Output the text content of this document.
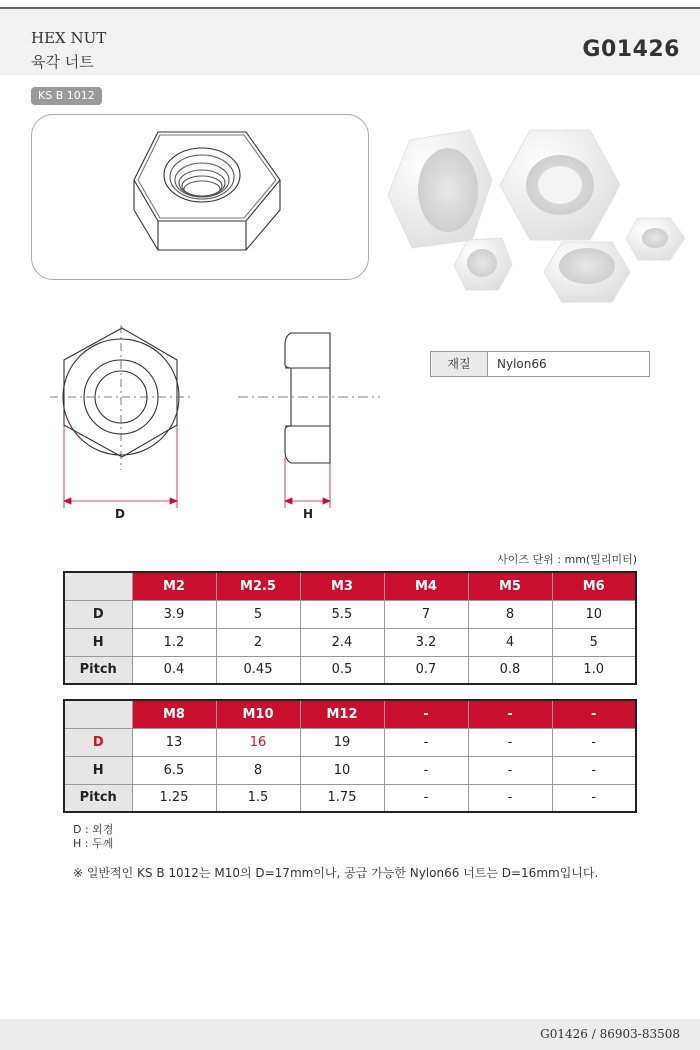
HEX NUT
육각 너트	G01426
KS B 1012
D	H
재질	Nylon66
사이즈 단위 : mm(밀리미터)
	M2	M2.5	M3	M4	M5	M6
D	3.9	5	5.5	7	8	10
H	1.2	2	2.4	3.2	4	5
Pitch	0.4	0.45	0.5	0.7	0.8	1.0
	M8	M10	M12	-	-	-
D	13	16	19	-	-	-
H	6.5	8	10	-	-	-
Pitch	1.25	1.5	1.75	-	-	-
D : 외경
H : 두께
※ 일반적인 KS B 1012는 M10의 D=17mm이나, 공급 가능한 Nylon66 너트는 D=16mm입니다.
G01426 / 86903-83508
